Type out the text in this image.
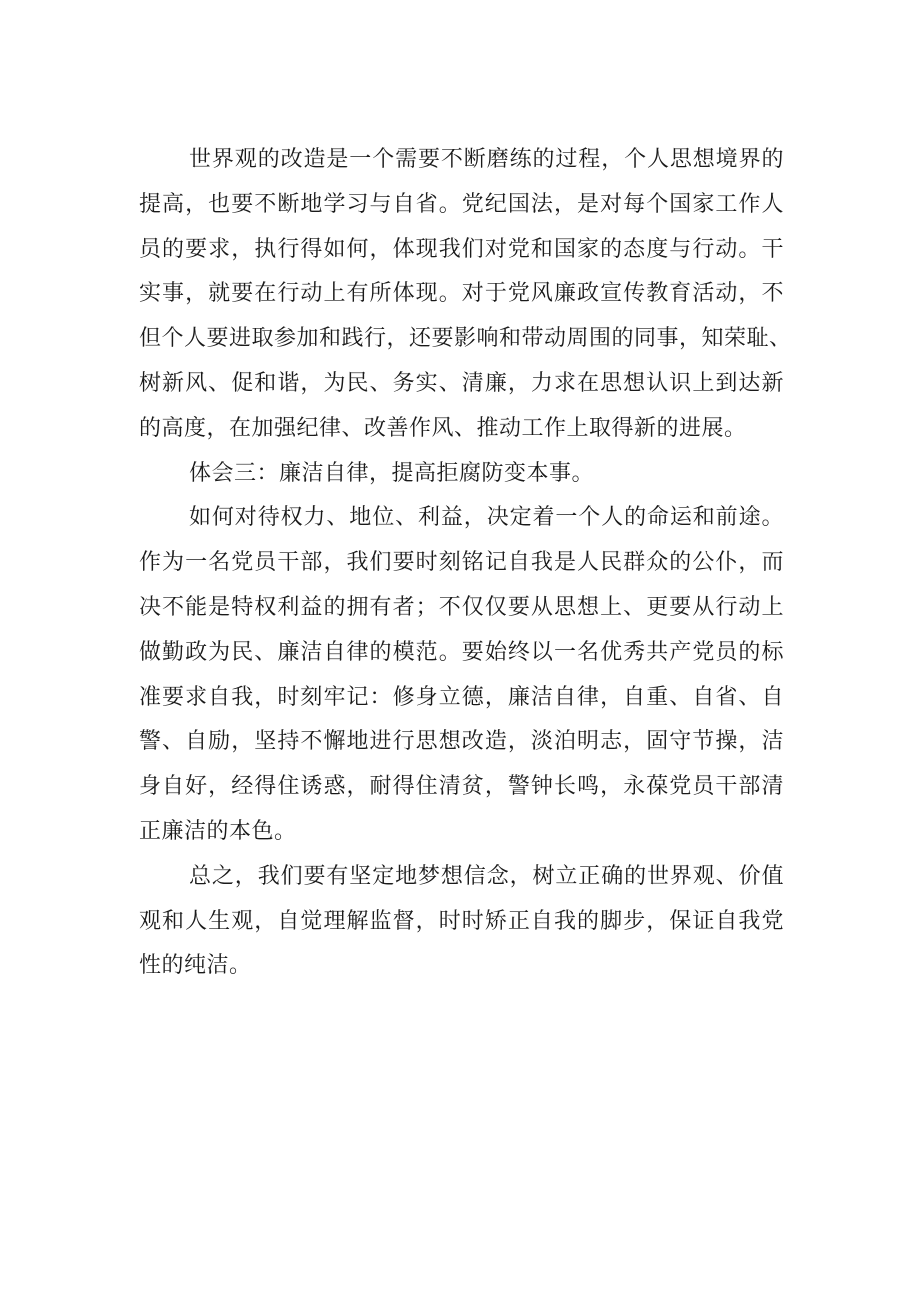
世界观的改造是一个需要不断磨练的过程，个人思想境界的
提高，也要不断地学习与自省。党纪国法，是对每个国家工作人
员的要求，执行得如何，体现我们对党和国家的态度与行动。干
实事，就要在行动上有所体现。对于党风廉政宣传教育活动，不
但个人要进取参加和践行，还要影响和带动周围的同事，知荣耻、
树新风、促和谐，为民、务实、清廉，力求在思想认识上到达新
的高度，在加强纪律、改善作风、推动工作上取得新的进展。
体会三：廉洁自律，提高拒腐防变本事。
如何对待权力、地位、利益，决定着一个人的命运和前途。
作为一名党员干部，我们要时刻铭记自我是人民群众的公仆，而
决不能是特权利益的拥有者；不仅仅要从思想上、更要从行动上
做勤政为民、廉洁自律的模范。要始终以一名优秀共产党员的标
准要求自我，时刻牢记：修身立德，廉洁自律，自重、自省、自
警、自励，坚持不懈地进行思想改造，淡泊明志，固守节操，洁
身自好，经得住诱惑，耐得住清贫，警钟长鸣，永葆党员干部清
正廉洁的本色。
总之，我们要有坚定地梦想信念，树立正确的世界观、价值
观和人生观，自觉理解监督，时时矫正自我的脚步，保证自我党
性的纯洁。
